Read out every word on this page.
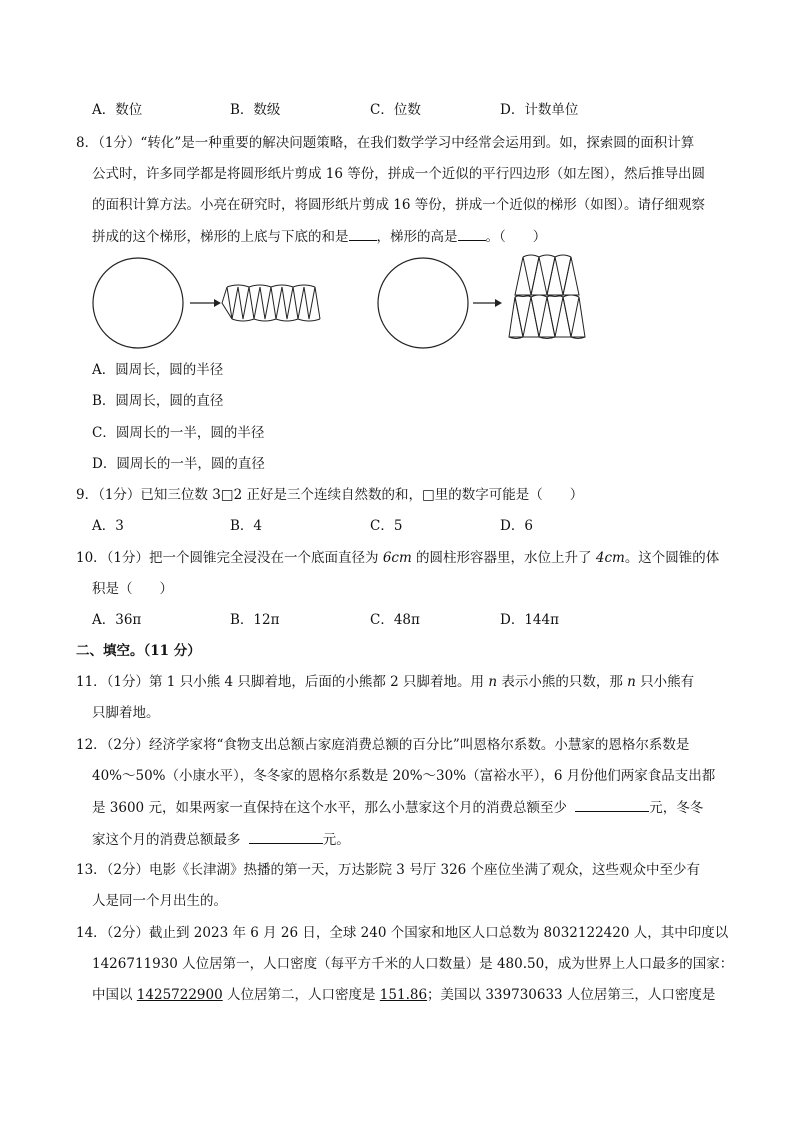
A．数位	B．数级	C．位数	D．计数单位
8．（1分）“转化”是一种重要的解决问题策略，在我们数学学习中经常会运用到。如，探索圆的面积计算
公式时，许多同学都是将圆形纸片剪成 16 等份，拼成一个近似的平行四边形（如左图），然后推导出圆
的面积计算方法。小亮在研究时，将圆形纸片剪成 16 等份，拼成一个近似的梯形（如图）。请仔细观察
拼成的这个梯形，梯形的上底与下底的和是 ，梯形的高是 。（　　）
A．圆周长，圆的半径
B．圆周长，圆的直径
C．圆周长的一半，圆的半径
D．圆周长的一半，圆的直径
9．（1分）已知三位数 3□2 正好是三个连续自然数的和，□里的数字可能是（　　）
A．3	B．4	C．5	D．6
10．（1分）把一个圆锥完全浸没在一个底面直径为 6cm 的圆柱形容器里，水位上升了 4cm。这个圆锥的体
积是（　　）
A．36π	B．12π	C．48π	D．144π
二、填空。（11 分）
11．（1分）第 1 只小熊 4 只脚着地，后面的小熊都 2 只脚着地。用 n 表示小熊的只数，那 n 只小熊有
只脚着地。
12．（2分）经济学家将“食物支出总额占家庭消费总额的百分比”叫恩格尔系数。小慧家的恩格尔系数是
40%～50%（小康水平），冬冬家的恩格尔系数是 20%～30%（富裕水平），6 月份他们两家食品支出都
是 3600 元，如果两家一直保持在这个水平，那么小慧家这个月的消费总额至少	元，冬冬
家这个月的消费总额最多	元。
13．（2分）电影《长津湖》热播的第一天，万达影院 3 号厅 326 个座位坐满了观众，这些观众中至少有
人是同一个月出生的。
14．（2分）截止到 2023 年 6 月 26 日，全球 240 个国家和地区人口总数为 8032122420 人，其中印度以
1426711930 人位居第一，人口密度（每平方千米的人口数量）是 480.50，成为世界上人口最多的国家：
中国以 1425722900 人位居第二，人口密度是 151.86；美国以 339730633 人位居第三，人口密度是
